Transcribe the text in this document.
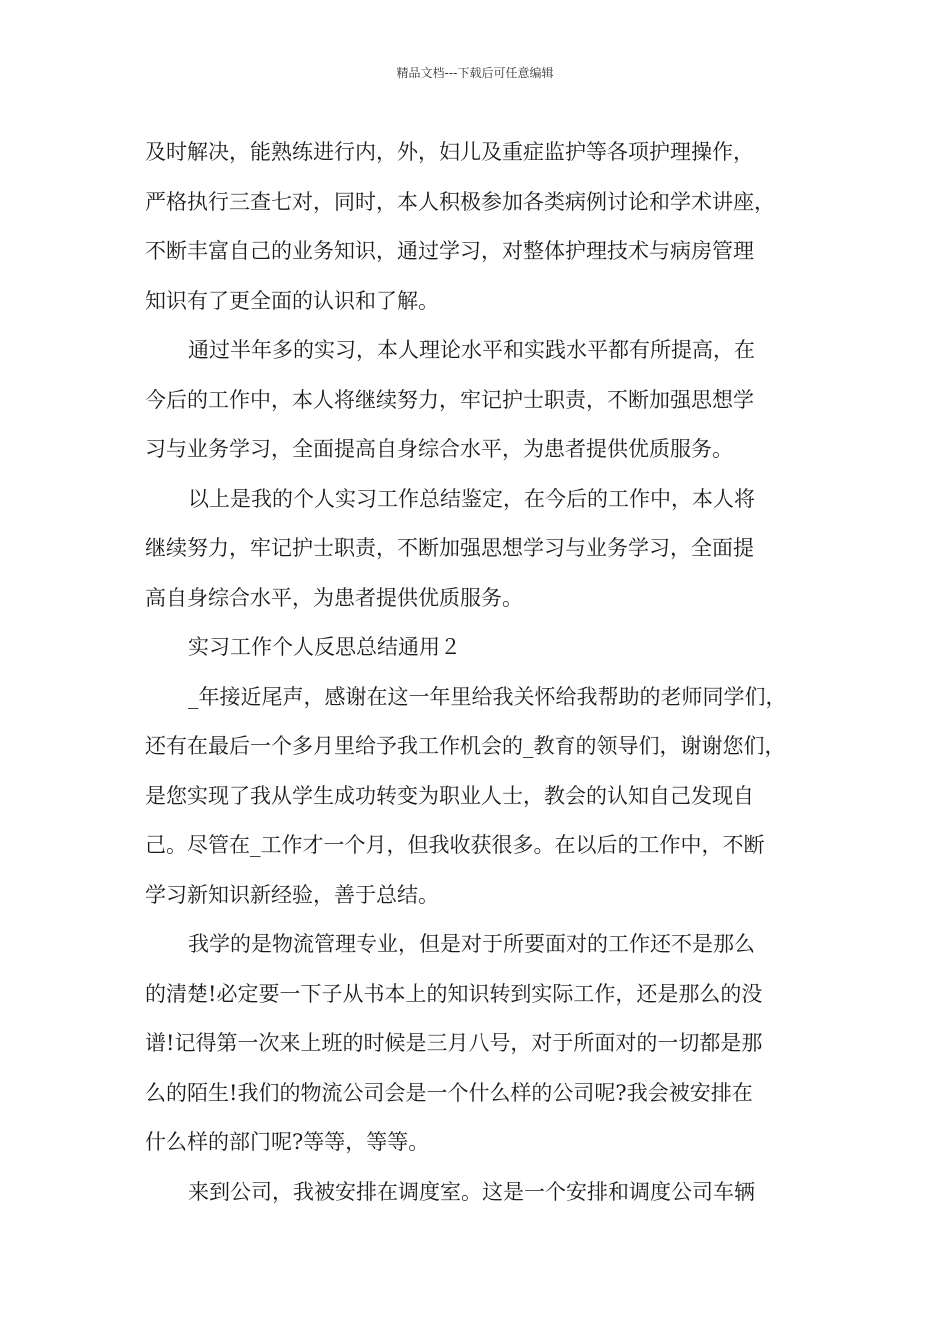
精品文档---下载后可任意编辑
及时解决，能熟练进行内，外，妇儿及重症监护等各项护理操作，
严格执行三查七对，同时，本人积极参加各类病例讨论和学术讲座，
不断丰富自己的业务知识，通过学习，对整体护理技术与病房管理
知识有了更全面的认识和了解。
通过半年多的实习，本人理论水平和实践水平都有所提高，在
今后的工作中，本人将继续努力，牢记护士职责，不断加强思想学
习与业务学习，全面提高自身综合水平，为患者提供优质服务。
以上是我的个人实习工作总结鉴定，在今后的工作中，本人将
继续努力，牢记护士职责，不断加强思想学习与业务学习，全面提
高自身综合水平，为患者提供优质服务。
实习工作个人反思总结通用２
_年接近尾声，感谢在这一年里给我关怀给我帮助的老师同学们，
还有在最后一个多月里给予我工作机会的_教育的领导们，谢谢您们，
是您实现了我从学生成功转变为职业人士，教会的认知自己发现自
己。尽管在_工作才一个月，但我收获很多。在以后的工作中，不断
学习新知识新经验，善于总结。
我学的是物流管理专业，但是对于所要面对的工作还不是那么
的清楚!必定要一下子从书本上的知识转到实际工作，还是那么的没
谱!记得第一次来上班的时候是三月八号，对于所面对的一切都是那
么的陌生!我们的物流公司会是一个什么样的公司呢?我会被安排在
什么样的部门呢?等等，等等。
来到公司，我被安排在调度室。这是一个安排和调度公司车辆
